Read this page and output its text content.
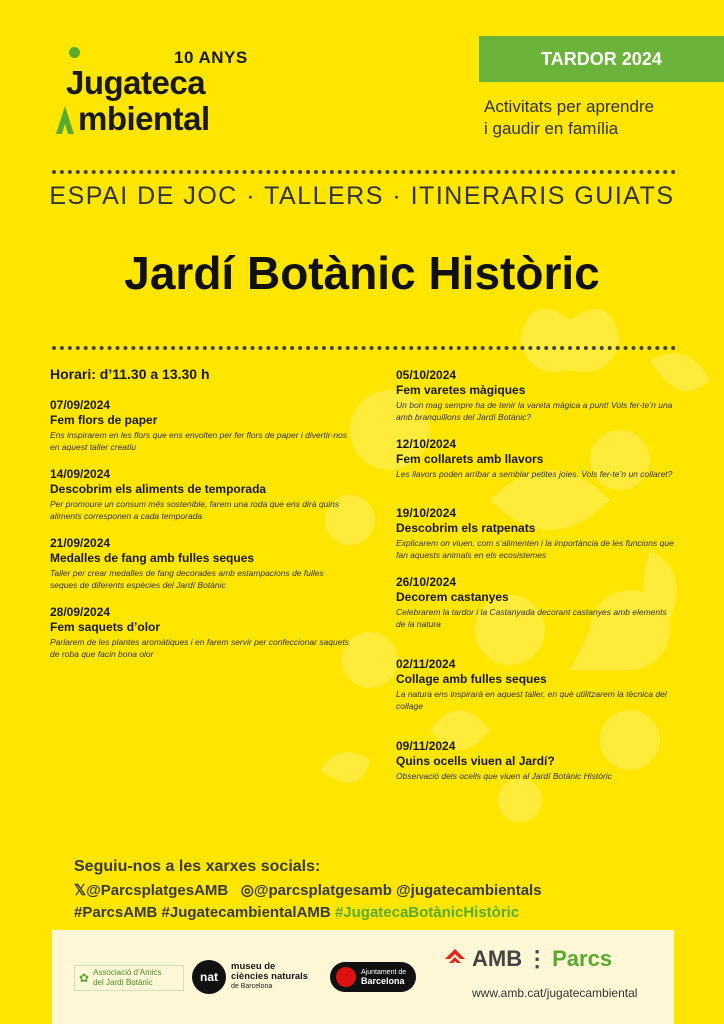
10 ANYS
Jugateca
mbiental
TARDOR 2024
Activitats per aprendre
i gaudir en família
ESPAI DE JOC · TALLERS · ITINERARIS GUIATS
Jardí Botànic Històric
Horari: d’11.30 a 13.30 h
07/09/2024
Fem flors de paper
Ens inspirarem en les flors que ens envolten per fer flors de paper i divertir-nos en aquest taller creatiu
14/09/2024
Descobrim els aliments de temporada
Per promoure un consum més sostenible, farem una roda que ens dirà quins aliments corresponen a cada temporada
21/09/2024
Medalles de fang amb fulles seques
Taller per crear medalles de fang decorades amb estampacions de fulles seques de diferents espècies del Jardí Botànic
28/09/2024
Fem saquets d’olor
Parlarem de les plantes aromàtiques i en farem servir per confeccionar saquets de roba que facin bona olor
05/10/2024
Fem varetes màgiques
Un bon mag sempre ha de tenir la vareta màgica a punt! Vols fer-te’n una amb branquillons del Jardí Botànic?
12/10/2024
Fem collarets amb llavors
Les llavors poden arribar a semblar petites joies. Vols fer-te’n un collaret?
19/10/2024
Descobrim els ratpenats
Explicarem on viuen, com s’alimenten i la importància de les funcions que fan aquests animals en els ecosistemes
26/10/2024
Decorem castanyes
Celebrarem la tardor i la Castanyada decorant castanyes amb elements de la natura
02/11/2024
Collage amb fulles seques
La natura ens inspirarà en aquest taller, en què utilitzarem la tècnica del collage
09/11/2024
Quins ocells viuen al Jardí?
Observació dels ocells que viuen al Jardí Botànic Històric
Seguiu-nos a les xarxes socials:
𝕏@ParcsplatgesAMB ◎@parcsplatgesamb @jugatecambientals
#ParcsAMB #JugatecambientalAMB #JugatecaBotànicHistòric
✿ Associació d’Amics
del Jardí Botànic	nat
museu de
ciències naturals
de Barcelona
Ajuntament de
Barcelona
AMB ⋮ Parcs
www.amb.cat/jugatecambiental
